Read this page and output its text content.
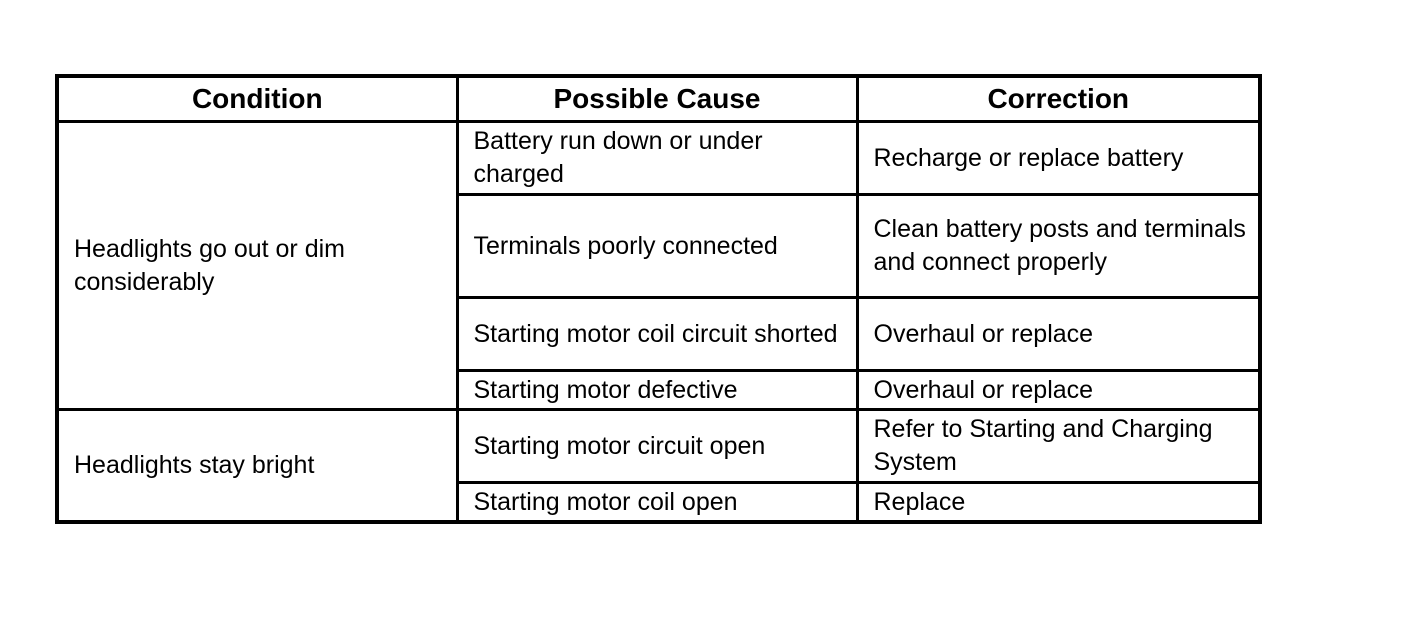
Condition	Possible Cause	Correction
Headlights go out or dim considerably	Battery run down or under charged	Recharge or replace battery
	Terminals poorly connected	Clean battery posts and terminals and connect properly
	Starting motor coil circuit shorted	Overhaul or replace
	Starting motor defective	Overhaul or replace
Headlights stay bright	Starting motor circuit open	Refer to Starting and Charging System
	Starting motor coil open	Replace
